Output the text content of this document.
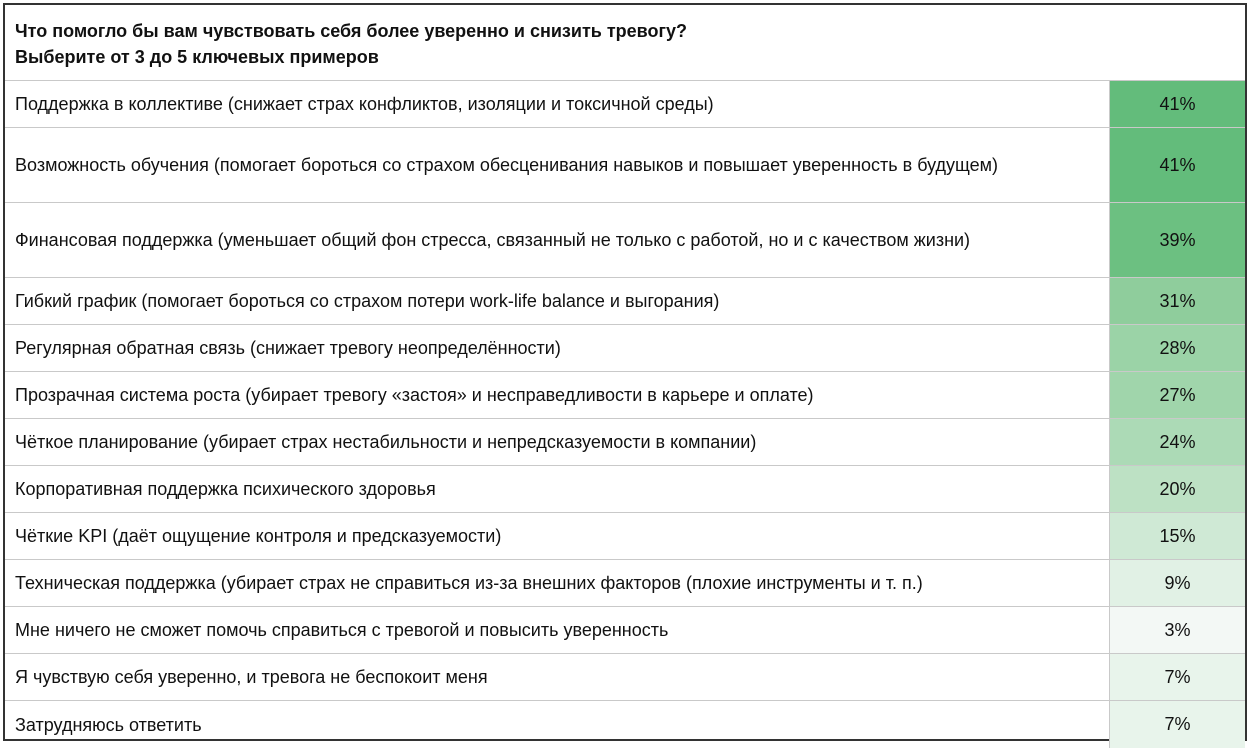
Что помогло бы вам чувствовать себя более уверенно и снизить тревогу?
Выберите от 3 до 5 ключевых примеров
Поддержка в коллективе (снижает страх конфликтов, изоляции и токсичной среды)	41%
Возможность обучения (помогает бороться со страхом обесценивания навыков и повышает уверенность в будущем)	41%
Финансовая поддержка (уменьшает общий фон стресса, связанный не только с работой, но и с качеством жизни)	39%
Гибкий график (помогает бороться со страхом потери work-life balance и выгорания)	31%
Регулярная обратная связь (снижает тревогу неопределённости)	28%
Прозрачная система роста (убирает тревогу «застоя» и несправедливости в карьере и оплате)	27%
Чёткое планирование (убирает страх нестабильности и непредсказуемости в компании)	24%
Корпоративная поддержка психического здоровья	20%
Чёткие KPI (даёт ощущение контроля и предсказуемости)	15%
Техническая поддержка (убирает страх не справиться из-за внешних факторов (плохие инструменты и т. п.)	9%
Мне ничего не сможет помочь справиться с тревогой и повысить уверенность	3%
Я чувствую себя уверенно, и тревога не беспокоит меня	7%
Затрудняюсь ответить	7%
